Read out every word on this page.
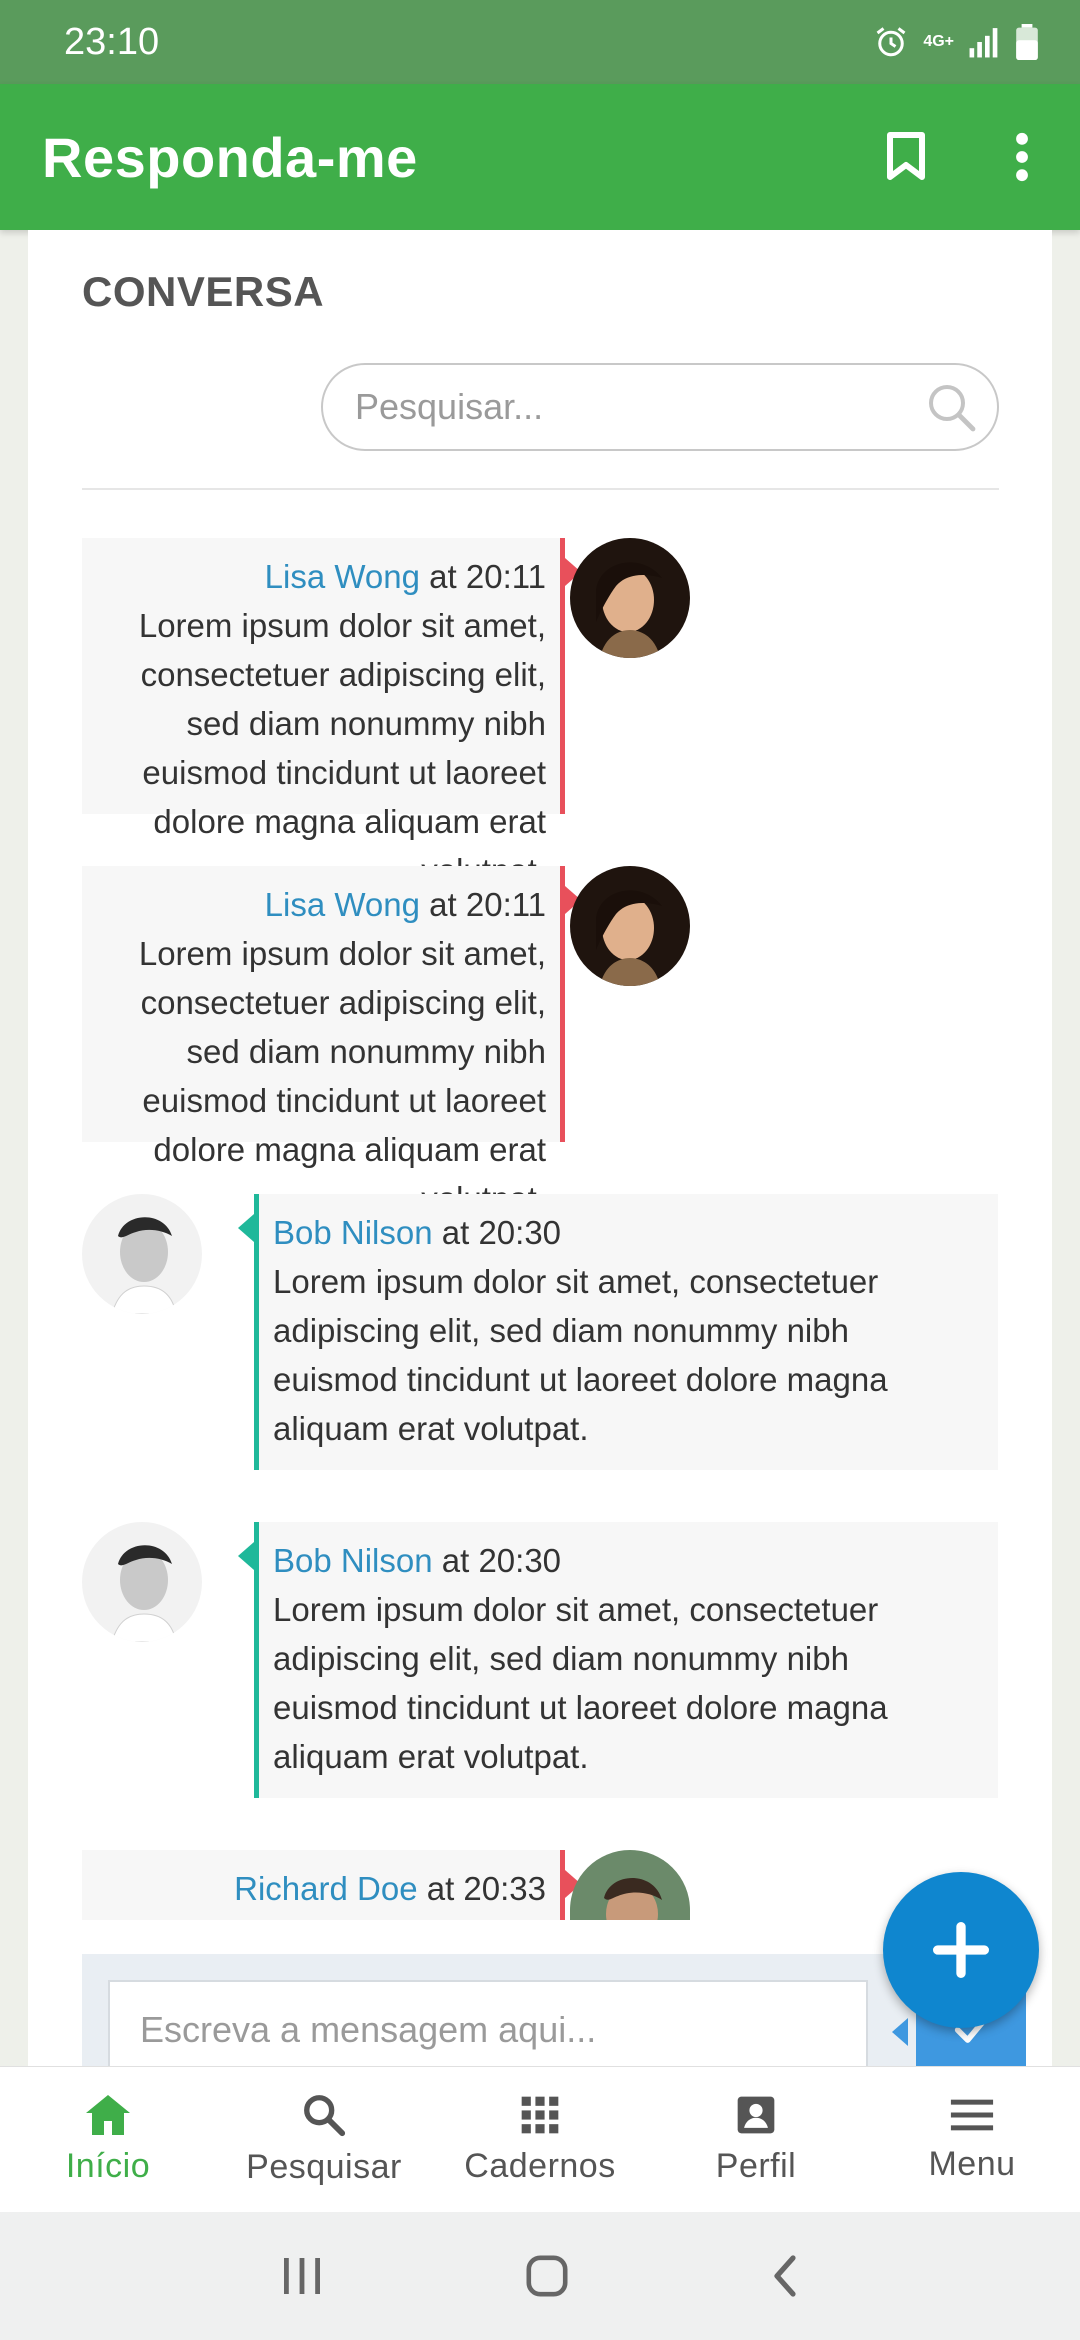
23:10	4G+
Responda-me
CONVERSA
Pesquisar...
Lisa Wong at 20:11
Lorem ipsum dolor sit amet, consectetuer adipiscing elit, sed diam nonummy nibh euismod tincidunt ut laoreet dolore magna aliquam erat
Lisa Wong at 20:11
Lorem ipsum dolor sit amet, consectetuer adipiscing elit, sed diam nonummy nibh euismod tincidunt ut laoreet dolore magna aliquam erat
Bob Nilson at 20:30
Lorem ipsum dolor sit amet, consectetuer adipiscing elit, sed diam nonummy nibh euismod tincidunt ut laoreet dolore magna aliquam erat volutpat.
Bob Nilson at 20:30
Lorem ipsum dolor sit amet, consectetuer adipiscing elit, sed diam nonummy nibh euismod tincidunt ut laoreet dolore magna aliquam erat volutpat.
Richard Doe at 20:33
Escreva a mensagem aqui...
Início	Pesquisar Cadernos	Perfil	Menu
